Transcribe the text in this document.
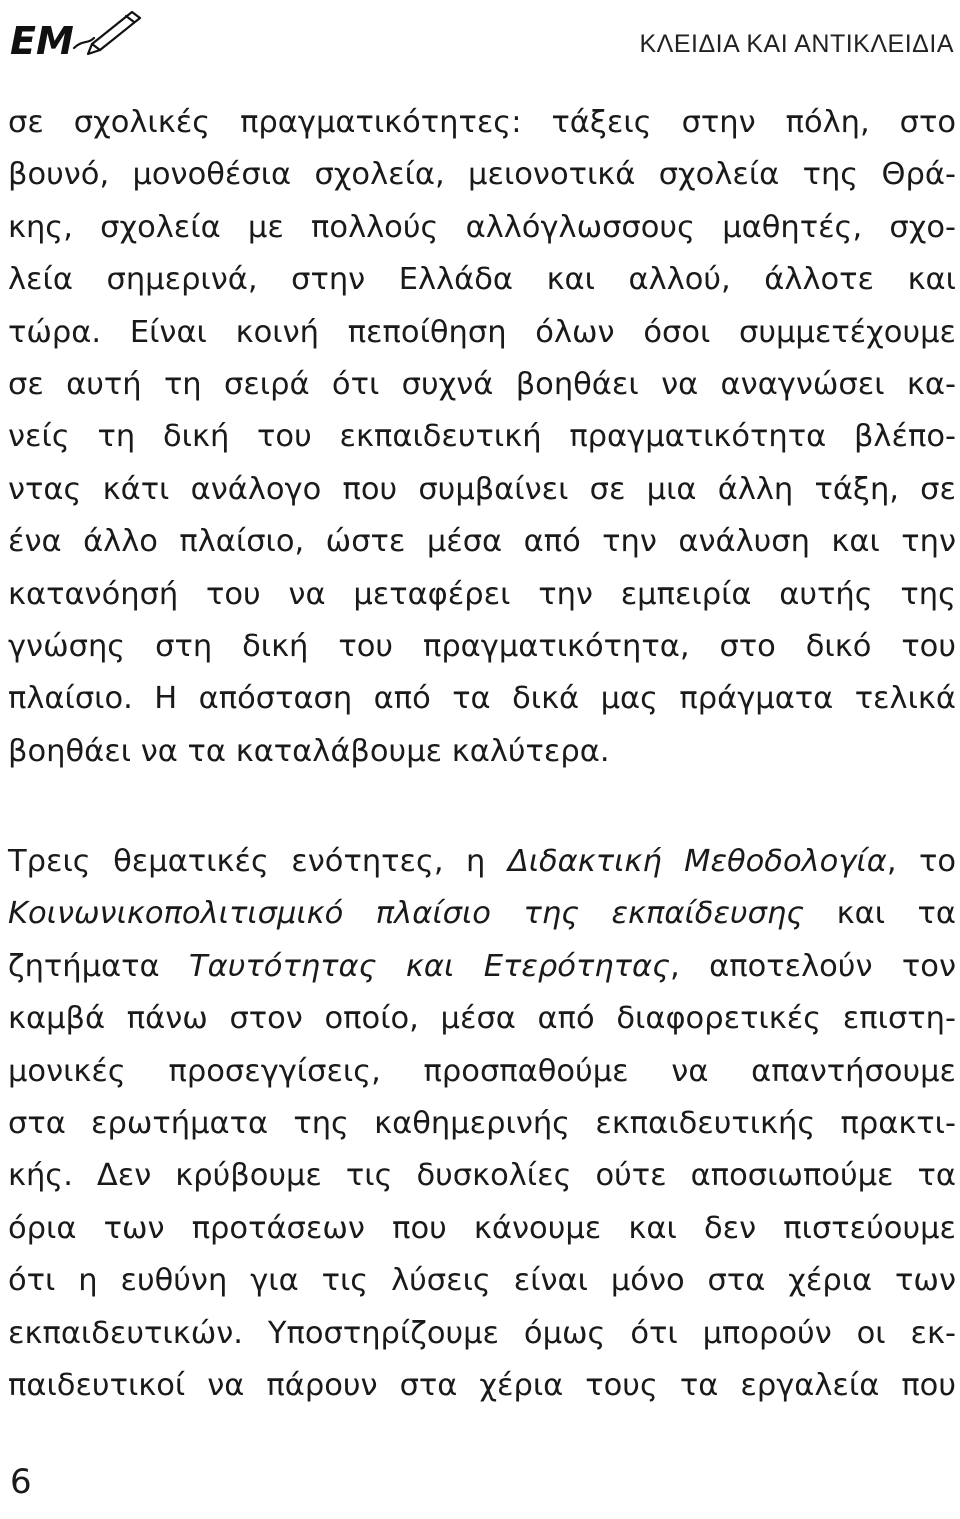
ΕΜ	ΚΛΕΙΔΙΑ ΚΑΙ ΑΝΤΙΚΛΕΙΔΙΑ
σε σχολικές πραγματικότητες: τάξεις στην πόλη, στο
βουνό, μονοθέσια σχολεία, μειονοτικά σχολεία της Θρά-
κης, σχολεία με πολλούς αλλόγλωσσους μαθητές, σχο-
λεία σημερινά, στην Ελλάδα και αλλού, άλλοτε και
τώρα. Είναι κοινή πεποίθηση όλων όσοι συμμετέχουμε
σε αυτή τη σειρά ότι συχνά βοηθάει να αναγνώσει κα-
νείς τη δική του εκπαιδευτική πραγματικότητα βλέπο-
ντας κάτι ανάλογο που συμβαίνει σε μια άλλη τάξη, σε
ένα άλλο πλαίσιο, ώστε μέσα από την ανάλυση και την
κατανόησή του να μεταφέρει την εμπειρία αυτής της
γνώσης στη δική του πραγματικότητα, στο δικό του
πλαίσιο. Η απόσταση από τα δικά μας πράγματα τελικά
βοηθάει να τα καταλάβουμε καλύτερα.
Τρεις θεματικές ενότητες, η Διδακτική Μεθοδολογία, το
Κοινωνικοπολιτισμικό πλαίσιο της εκπαίδευσης και τα
ζητήματα Ταυτότητας και Ετερότητας, αποτελούν τον
καμβά πάνω στον οποίο, μέσα από διαφορετικές επιστη-
μονικές προσεγγίσεις, προσπαθούμε να απαντήσουμε
στα ερωτήματα της καθημερινής εκπαιδευτικής πρακτι-
κής. Δεν κρύβουμε τις δυσκολίες ούτε αποσιωπούμε τα
όρια των προτάσεων που κάνουμε και δεν πιστεύουμε
ότι η ευθύνη για τις λύσεις είναι μόνο στα χέρια των
εκπαιδευτικών. Υποστηρίζουμε όμως ότι μπορούν οι εκ-
παιδευτικοί να πάρουν στα χέρια τους τα εργαλεία που
6
